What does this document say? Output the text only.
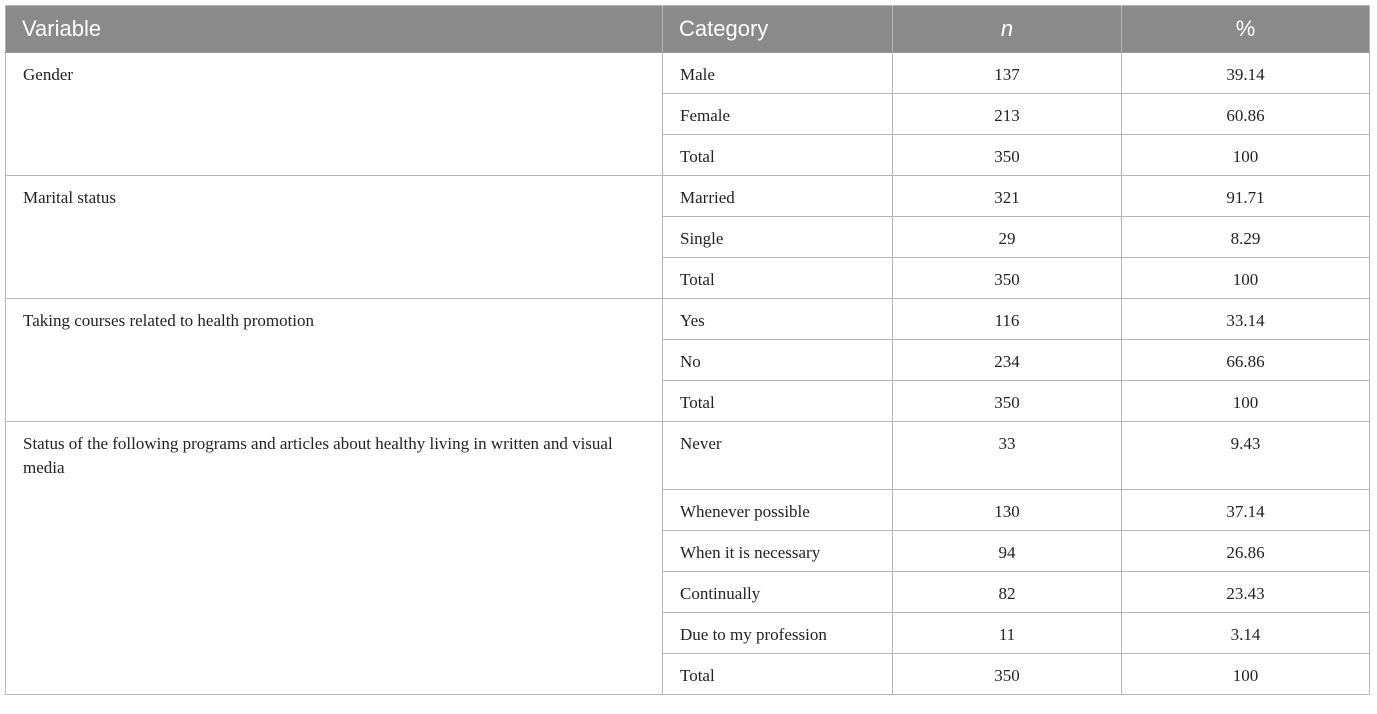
Variable	Category	n	%

Gender	Male	137	39.14

	Female	213	60.86

	Total	350	100

Marital status	Married	321	91.71

	Single	29	8.29

	Total	350	100

Taking courses related to health promotion	Yes	116	33.14

	No	234	66.86

	Total	350	100

Status of the following programs and articles about healthy living in written and visual media	Never	33	9.43

	Whenever possible	130	37.14

	When it is necessary	94	26.86

	Continually	82	23.43

	Due to my profession	11	3.14

	Total	350	100
